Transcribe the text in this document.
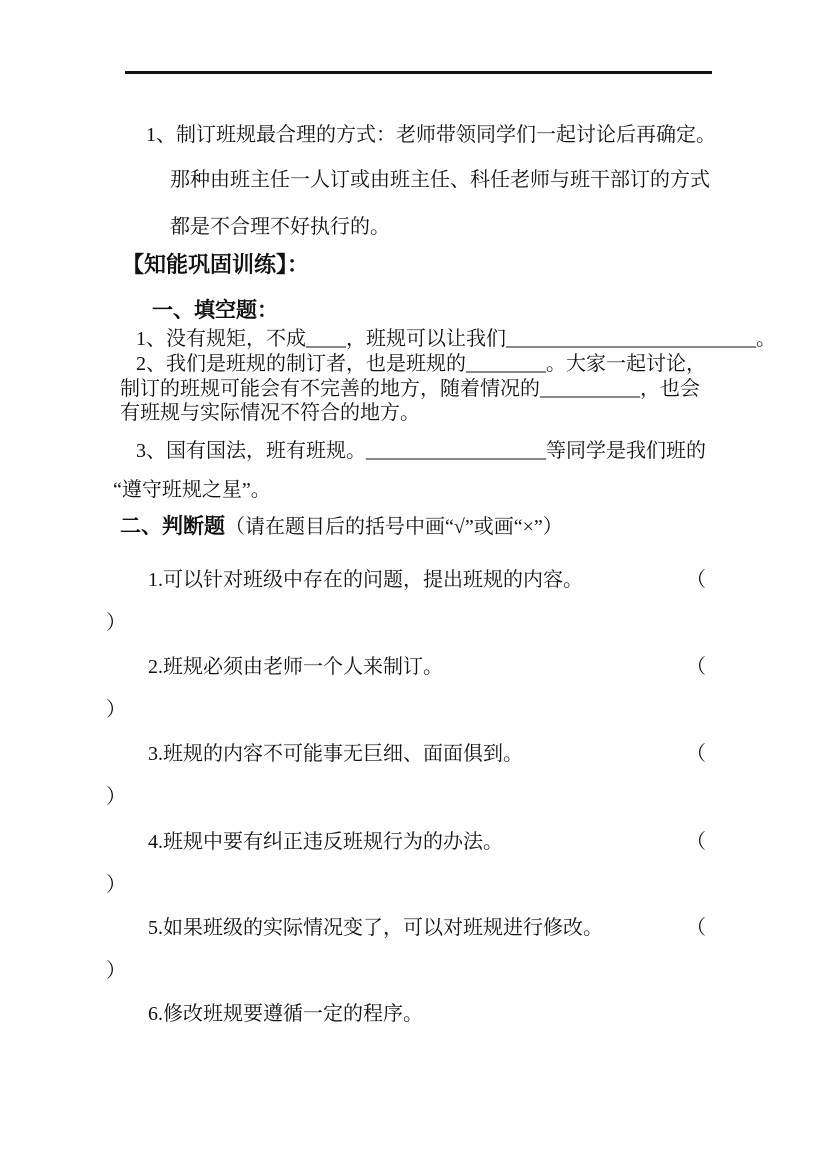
1、制订班规最合理的方式：老师带领同学们一起讨论后再确定。
那种由班主任一人订或由班主任、科任老师与班干部订的方式
都是不合理不好执行的。
【知能巩固训练】：
一、填空题：
1、没有规矩，不成____，班规可以让我们_________________________。
2、我们是班规的制订者，也是班规的________。大家一起讨论，
制订的班规可能会有不完善的地方，随着情况的__________，也会
有班规与实际情况不符合的地方。
3、国有国法，班有班规。__________________等同学是我们班的
“遵守班规之星”。
二、判断题（请在题目后的括号中画“√”或画“×”）
1.可以针对班级中存在的问题，提出班规的内容。	（
）
2.班规必须由老师一个人来制订。	（
）
3.班规的内容不可能事无巨细、面面俱到。	（
）
4.班规中要有纠正违反班规行为的办法。	（
）
5.如果班级的实际情况变了，可以对班规进行修改。	（
）
6.修改班规要遵循一定的程序。
